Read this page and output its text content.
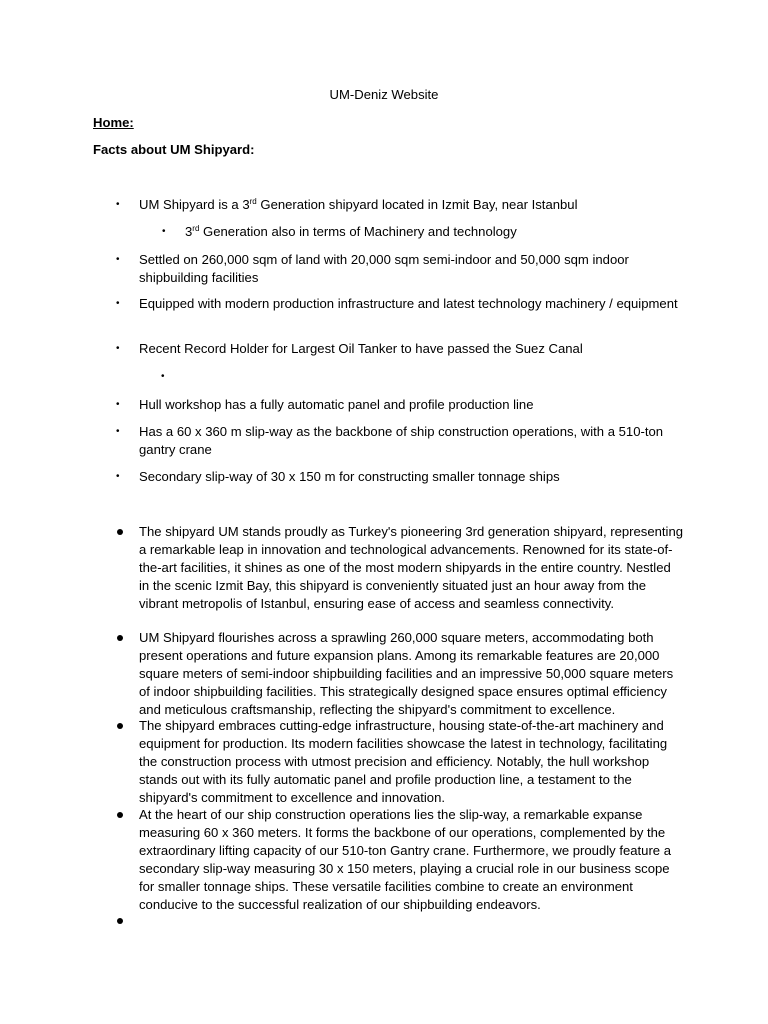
UM-Deniz Website
Home:
Facts about UM Shipyard:
• UM Shipyard is a 3rd Generation shipyard located in Izmit Bay, near Istanbul
• 3rd Generation also in terms of Machinery and technology
• Settled on 260,000 sqm of land with 20,000 sqm semi-indoor and 50,000 sqm indoor shipbuilding facilities
• Equipped with modern production infrastructure and latest technology machinery / equipment
• Recent Record Holder for Largest Oil Tanker to have passed the Suez Canal
•
• Hull workshop has a fully automatic panel and profile production line
• Has a 60 x 360 m slip-way as the backbone of ship construction operations, with a 510-ton gantry crane
• Secondary slip-way of 30 x 150 m for constructing smaller tonnage ships
The shipyard UM stands proudly as Turkey's pioneering 3rd generation shipyard, representing a remarkable leap in innovation and technological advancements. Renowned for its state-of-the-art facilities, it shines as one of the most modern shipyards in the entire country. Nestled in the scenic Izmit Bay, this shipyard is conveniently situated just an hour away from the vibrant metropolis of Istanbul, ensuring ease of access and seamless connectivity.
UM Shipyard flourishes across a sprawling 260,000 square meters, accommodating both present operations and future expansion plans. Among its remarkable features are 20,000 square meters of semi-indoor shipbuilding facilities and an impressive 50,000 square meters of indoor shipbuilding facilities. This strategically designed space ensures optimal efficiency and meticulous craftsmanship, reflecting the shipyard's commitment to excellence.
The shipyard embraces cutting-edge infrastructure, housing state-of-the-art machinery and equipment for production. Its modern facilities showcase the latest in technology, facilitating the construction process with utmost precision and efficiency. Notably, the hull workshop stands out with its fully automatic panel and profile production line, a testament to the shipyard's commitment to excellence and innovation.
At the heart of our ship construction operations lies the slip-way, a remarkable expanse measuring 60 x 360 meters. It forms the backbone of our operations, complemented by the extraordinary lifting capacity of our 510-ton Gantry crane. Furthermore, we proudly feature a secondary slip-way measuring 30 x 150 meters, playing a crucial role in our business scope for smaller tonnage ships. These versatile facilities combine to create an environment conducive to the successful realization of our shipbuilding endeavors.
